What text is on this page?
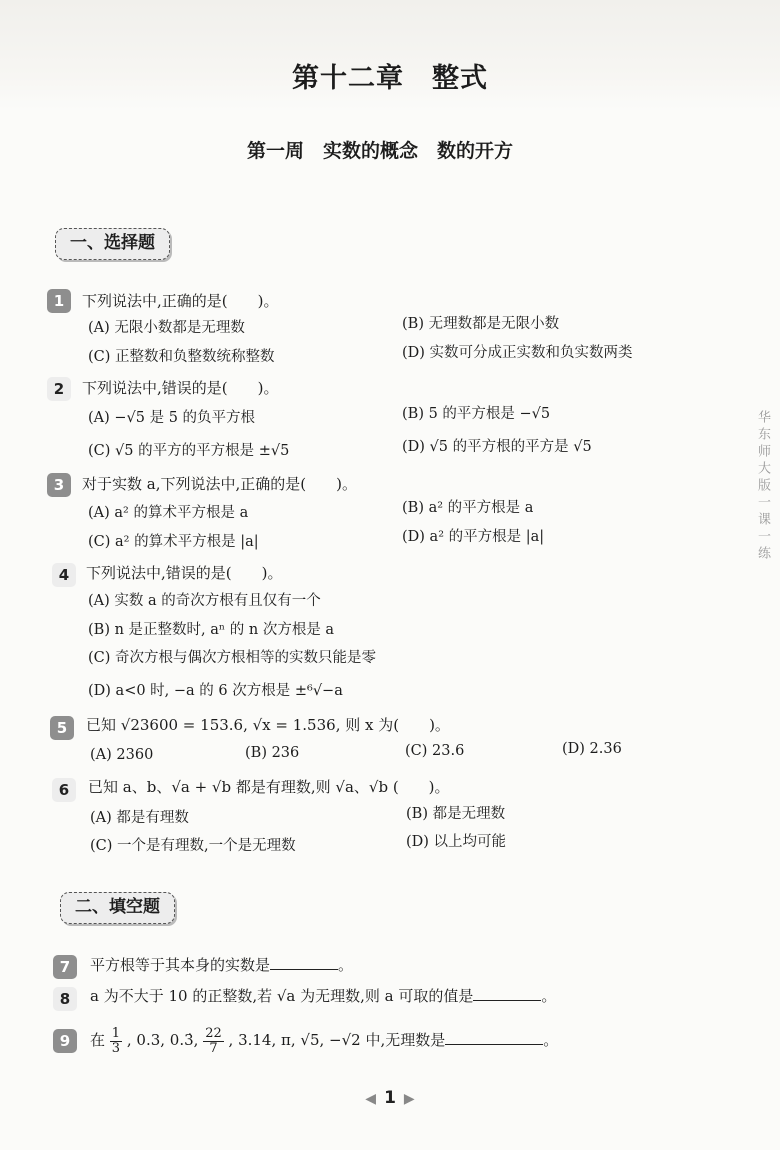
第十二章　整式
第一周　实数的概念　数的开方
一、选择题
1	下列说法中,正确的是(　　)。
(A) 无限小数都是无理数	(B) 无理数都是无限小数
(C) 正整数和负整数统称整数	(D) 实数可分成正实数和负实数两类
2	下列说法中,错误的是(　　)。
(A) −√5 是 5 的负平方根	(B) 5 的平方根是 −√5
(C) √5 的平方的平方根是 ±√5	(D) √5 的平方根的平方是 √5
3	对于实数 a,下列说法中,正确的是(　　)。
(A) a² 的算术平方根是 a	(B) a² 的平方根是 a
(C) a² 的算术平方根是 |a|	(D) a² 的平方根是 |a|
4	下列说法中,错误的是(　　)。
(A) 实数 a 的奇次方根有且仅有一个
(B) n 是正整数时, aⁿ 的 n 次方根是 a
(C) 奇次方根与偶次方根相等的实数只能是零
(D) a<0 时, −a 的 6 次方根是 ±⁶√−a
5	已知 √23600 = 153.6, √x = 1.536, 则 x 为(　　)。
(A) 2360	(B) 236	(C) 23.6	(D) 2.36
6	已知 a、b、√a + √b 都是有理数,则 √a、√b (　　)。
(A) 都是有理数	(B) 都是无理数
(C) 一个是有理数,一个是无理数	(D) 以上均可能
二、填空题
7	平方根等于其本身的实数是	。
8	a 为不大于 10 的正整数,若 √a 为无理数,则 a 可取的值是	。
9	在 $\frac{1}{3}$ , 0.3, 0.3̇, $\frac{22}{7}$ , 3.14, π, √5, −√2 中,无理数是	。
华东师大版一课一练
◀ 1 ▶
